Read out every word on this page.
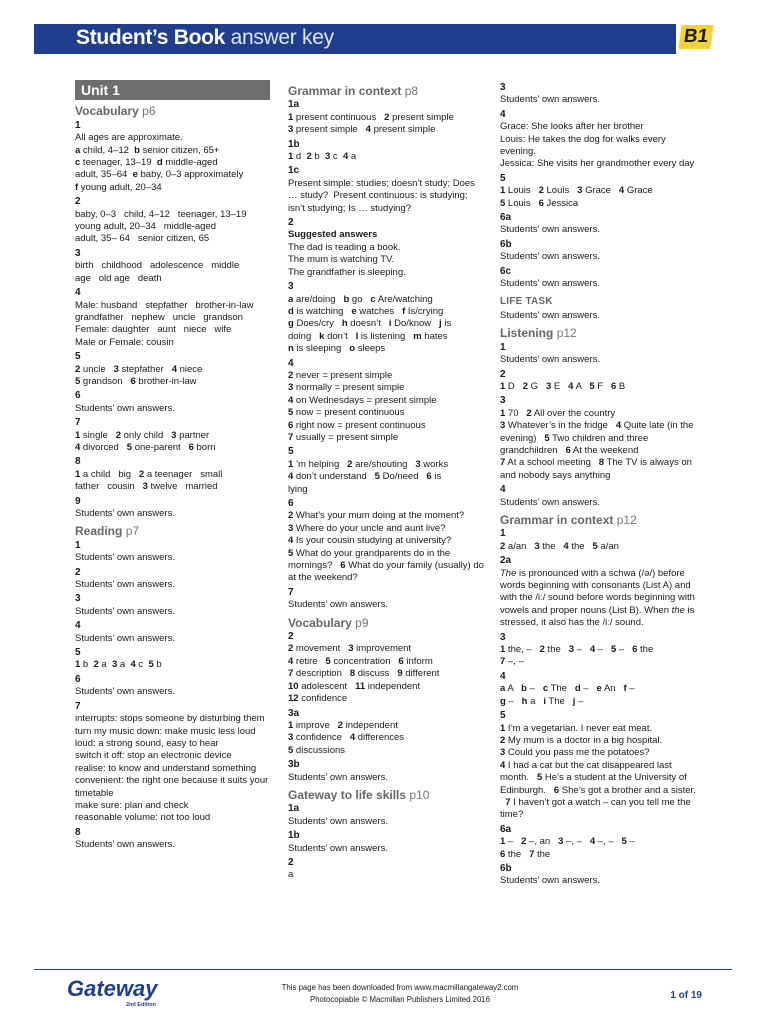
Student’s Book answer key	B1
Unit 1
Vocabulary p6
1
All ages are approximate.
a child, 4–12  b senior citizen, 65+
c teenager, 13–19  d middle-aged
adult, 35–64  e baby, 0–3 approximately
f young adult, 20–34
2
baby, 0–3   child, 4–12   teenager, 13–19
young adult, 20–34   middle-aged
adult, 35– 64   senior citizen, 65
3
birth   childhood   adolescence   middle
age   old age   death
4
Male: husband   stepfather   brother-in-law
grandfather   nephew   uncle   grandson
Female: daughter   aunt   niece   wife
Male or Female: cousin
5
2 uncle   3 stepfather   4 niece
5 grandson   6 brother-in-law
6
Students’ own answers.
7
1 single   2 only child   3 partner
4 divorced   5 one-parent   6 born
8
1 a child   big   2 a teenager   small
father   cousin   3 twelve   married
9
Students’ own answers.
Reading p7
1
Students’ own answers.
2
Students’ own answers.
3
Students’ own answers.
4
Students’ own answers.
5
1 b  2 a  3 a  4 c  5 b
6
Students’ own answers.
7
interrupts: stops someone by disturbing them
turn my music down: make music less loud
loud: a strong sound, easy to hear
switch it off: stop an electronic device
realise: to know and understand something
convenient: the right one because it suits your timetable
make sure: plan and check
reasonable volume: not too loud
8
Students’ own answers.
Grammar in context p8
1a
1 present continuous   2 present simple
3 present simple   4 present simple
1b
1 d  2 b  3 c  4 a
1c
Present simple: studies; doesn’t study; Does … study?  Present continuous: is studying; isn’t studying; Is … studying?
2
Suggested answers
The dad is reading a book.
The mum is watching TV.
The grandfather is sleeping.
3
a are/doing   b go   c Are/watching
d is watching   e watches   f Is/crying
g Does/cry   h doesn’t   i Do/know   j is
doing   k don’t   l is listening   m hates
n is sleeping   o sleeps
4
2 never = present simple
3 normally = present simple
4 on Wednesdays = present simple
5 now = present continuous
6 right now = present continuous
7 usually = present simple
5
1 ’m helping   2 are/shouting   3 works
4 don’t understand   5 Do/need   6 is
lying
6
2 What’s your mum doing at the moment?
3 Where do your uncle and aunt live?
4 Is your cousin studying at university?
5 What do your grandparents do in the mornings?   6 What do your family (usually) do at the weekend?
7
Students’ own answers.
Vocabulary p9
2
2 movement   3 improvement
4 retire   5 concentration   6 inform
7 description   8 discuss   9 different
10 adolescent   11 independent
12 confidence
3a
1 improve   2 independent
3 confidence   4 differences
5 discussions
3b
Students’ own answers.
Gateway to life skills p10
1a
Students’ own answers.
1b
Students’ own answers.
2
a
3
Students’ own answers.
4
Grace: She looks after her brother
Louis: He takes the dog for walks every evening.
Jessica: She visits her grandmother every day
5
1 Louis   2 Louis   3 Grace   4 Grace
5 Louis   6 Jessica
6a
Students’ own answers.
6b
Students’ own answers.
6c
Students’ own answers.
LIFE TASK
Students’ own answers.
Listening p12
1
Students’ own answers.
2
1 D   2 G   3 E   4 A   5 F   6 B
3
1 70   2 All over the country
3 Whatever’s in the fridge   4 Quite late (in the evening)   5 Two children and three grandchildren   6 At the weekend
7 At a school meeting   8 The TV is always on and nobody says anything
4
Students’ own answers.
Grammar in context p12
1
2 a/an   3 the   4 the   5 a/an
2a
The is pronounced with a schwa (/ə/) before words beginning with consonants (List A) and with the /iː/ sound before words beginning with vowels and proper nouns (List B). When the is stressed, it also has the /iː/ sound.
3
1 the, –   2 the   3 –   4 –   5 –   6 the
7 –, –
4
a A   b –   c The   d –   e An   f –
g –   h a   i The   j –
5
1 I’m a vegetarian. I never eat meat.
2 My mum is a doctor in a big hospital.
3 Could you pass me the potatoes?
4 I had a cat but the cat disappeared last month.   5 He’s a student at the University of Edinburgh.   6 She’s got a brother and a sister.   7 I haven’t got a watch – can you tell me the time?
6a
1 –   2 –, an   3 –, –   4 –, –   5 –
6 the   7 the
6b
Students’ own answers.
Gateway
2nd Edition
This page has been downloaded from www.macmillangateway2.com
Photocopiable © Macmillan Publishers Limited 2016	1 of 19
